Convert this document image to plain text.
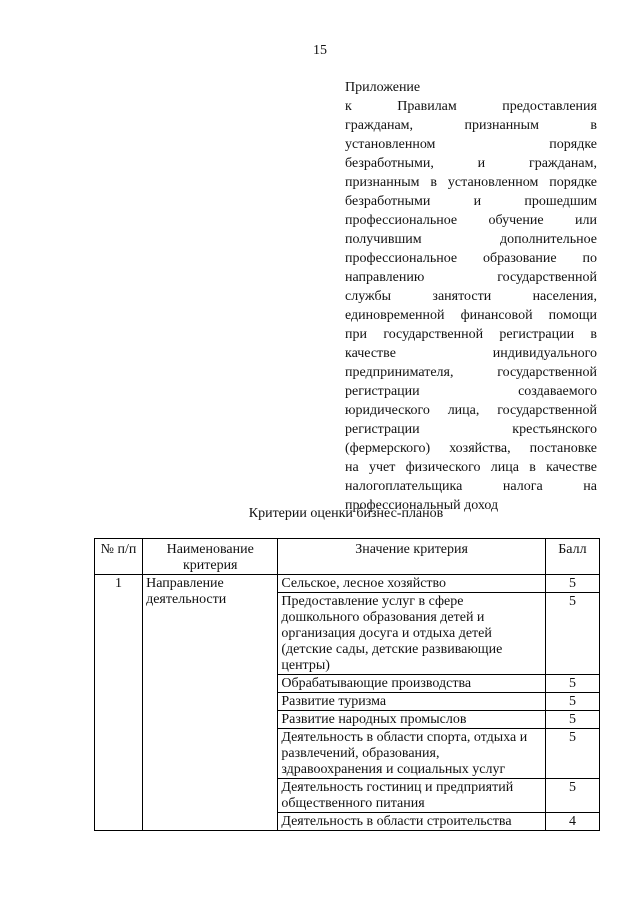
15
Приложение
к Правилам предоставления
гражданам, признанным в
установленном порядке
безработными, и гражданам,
признанным в установленном порядке
безработными и прошедшим
профессиональное обучение или
получившим дополнительное
профессиональное образование по
направлению государственной
службы занятости населения,
единовременной финансовой помощи
при государственной регистрации в
качестве индивидуального
предпринимателя, государственной
регистрации создаваемого
юридического лица, государственной
регистрации крестьянского
(фермерского) хозяйства, постановке
на учет физического лица в качестве
налогоплательщика налога на
профессиональный доход
Критерии оценки бизнес-планов
№ п/п	Наименование критерия	Значение критерия	Балл
1	Направление деятельности	Сельское, лесное хозяйство	5
		Предоставление услуг в сфере дошкольного образования детей и организация досуга и отдыха детей (детские сады, детские развивающие центры)	5
		Обрабатывающие производства	5
		Развитие туризма	5
		Развитие народных промыслов	5
		Деятельность в области спорта, отдыха и развлечений, образования, здравоохранения и социальных услуг	5
		Деятельность гостиниц и предприятий общественного питания	5
		Деятельность в области строительства	4
